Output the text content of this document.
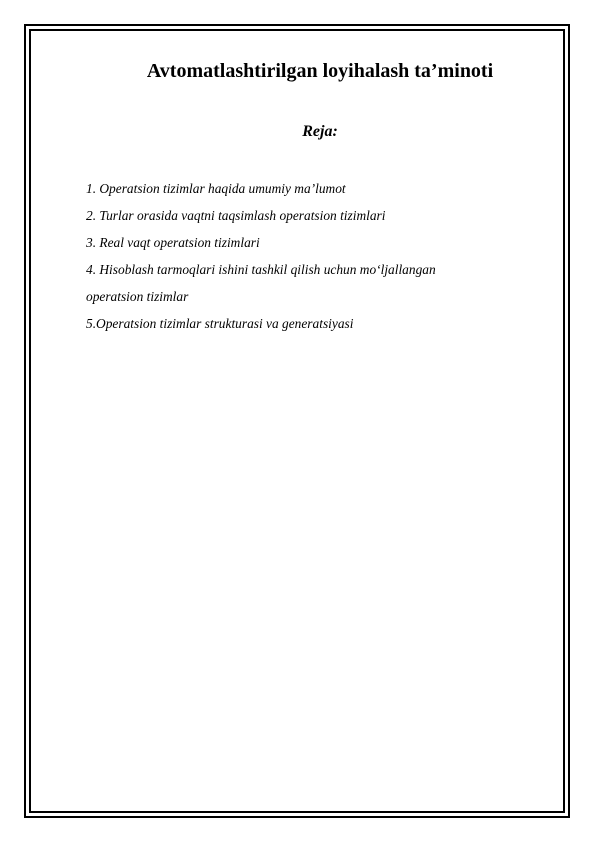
Avtomatlashtirilgan loyihalash ta’minoti
Reja:
1. Operatsion tizimlar haqida umumiy ma’lumot
2. Turlar orasida vaqtni taqsimlash operatsion tizimlari
3. Real vaqt operatsion tizimlari
4. Hisoblash tarmoqlari ishini tashkil qilish uchun mo‘ljallangan
operatsion tizimlar
5.Operatsion tizimlar strukturasi va generatsiyasi
